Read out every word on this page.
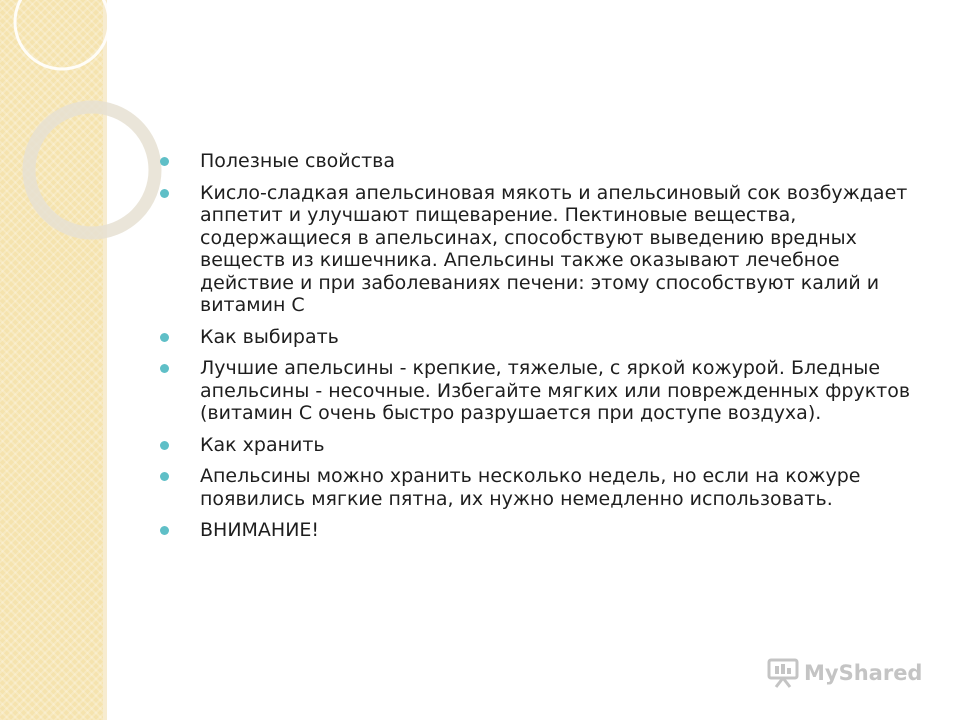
Полезные свойства
Кисло-сладкая апельсиновая мякоть и апельсиновый сок возбуждает аппетит и улучшают пищеварение. Пектиновые вещества, содержащиеся в апельсинах, способствуют выведению вредных веществ из кишечника. Апельсины также оказывают лечебное действие и при заболеваниях печени: этому способствуют калий и витамин С
Как выбирать
Лучшие апельсины - крепкие, тяжелые, с яркой кожурой. Бледные апельсины - несочные. Избегайте мягких или поврежденных фруктов (витамин С очень быстро разрушается при доступе воздуха).
Как хранить
Апельсины можно хранить несколько недель, но если на кожуре появились мягкие пятна, их нужно немедленно использовать.
ВНИМАНИЕ!
MyShared
